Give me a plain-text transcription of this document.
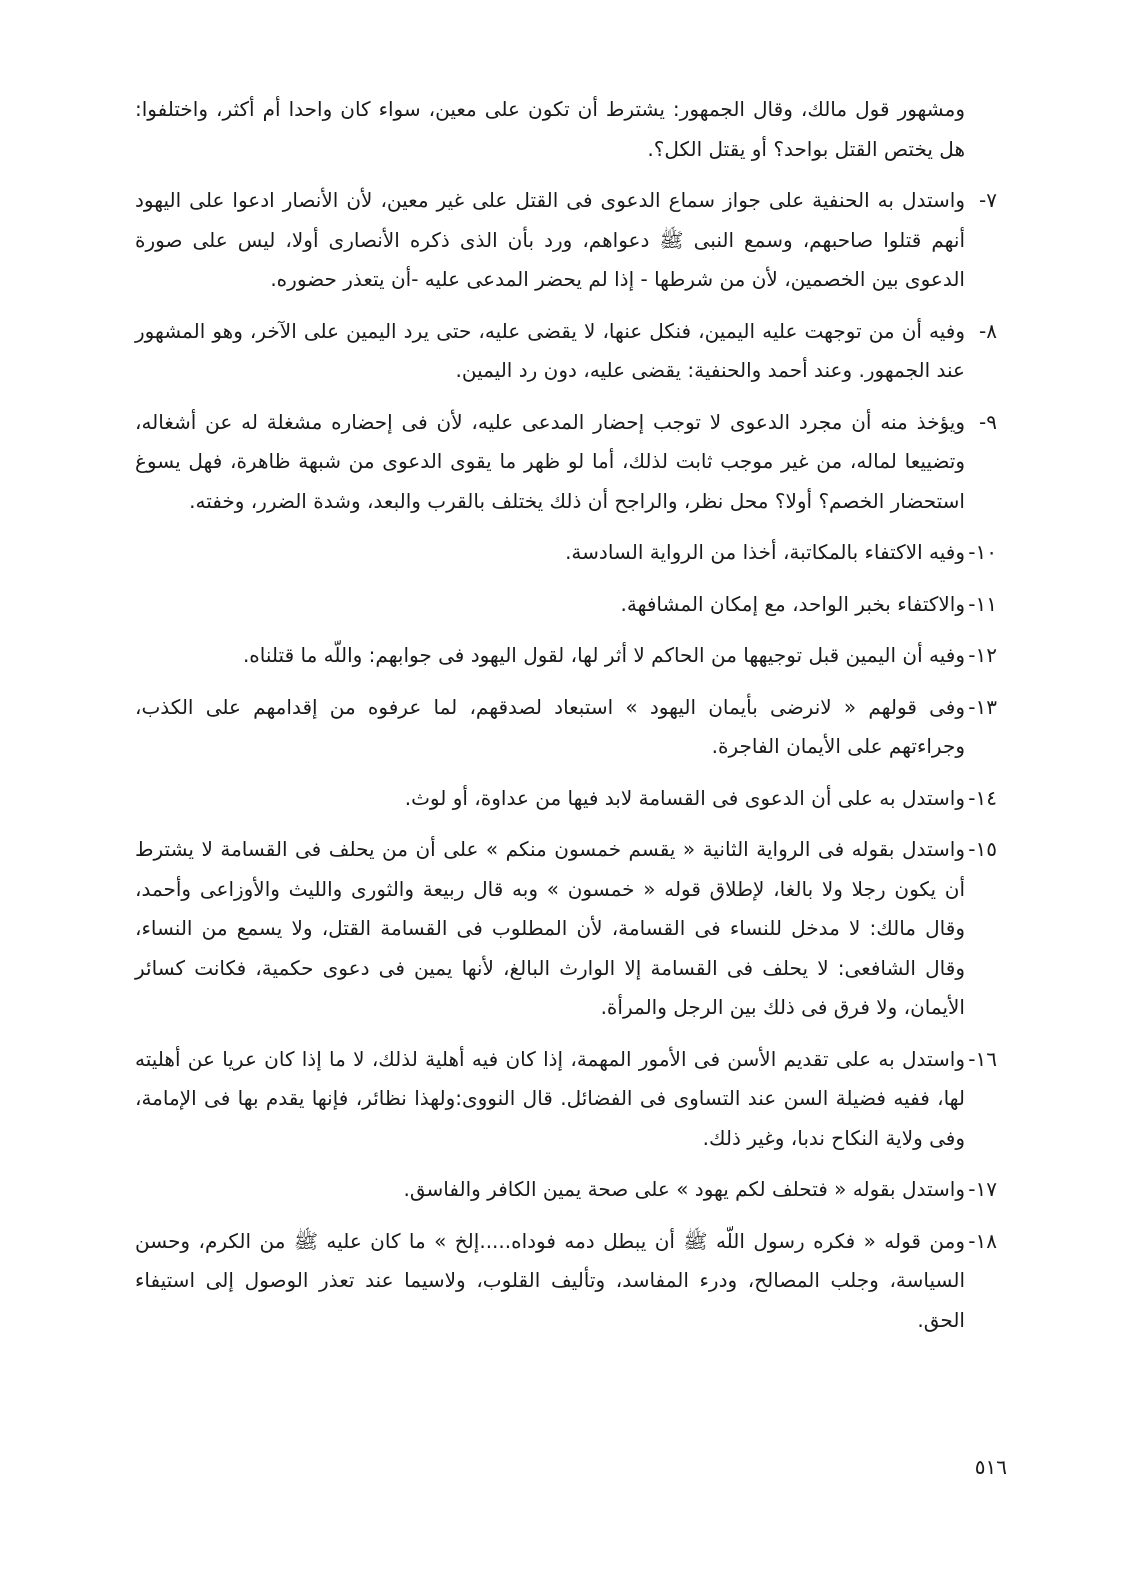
ومشهور قول مالك، وقال الجمهور: يشترط أن تكون على معين، سواء كان واحدا أم أكثر، واختلفوا: هل يختص القتل بواحد؟ أو يقتل الكل؟.

٧-

واستدل به الحنفية على جواز سماع الدعوى فى القتل على غير معين، لأن الأنصار ادعوا على اليهود أنهم قتلوا صاحبهم، وسمع النبى ﷺ دعواهم، ورد بأن الذى ذكره الأنصارى أولا، ليس على صورة الدعوى بين الخصمين، لأن من شرطها - إذا لم يحضر المدعى عليه -أن يتعذر حضوره.

٨-

وفيه أن من توجهت عليه اليمين، فنكل عنها، لا يقضى عليه، حتى يرد اليمين على الآخر، وهو المشهور عند الجمهور. وعند أحمد والحنفية: يقضى عليه، دون رد اليمين.

٩-

ويؤخذ منه أن مجرد الدعوى لا توجب إحضار المدعى عليه، لأن فى إحضاره مشغلة له عن أشغاله، وتضييعا لماله، من غير موجب ثابت لذلك، أما لو ظهر ما يقوى الدعوى من شبهة ظاهرة، فهل يسوغ استحضار الخصم؟ أولا؟ محل نظر، والراجح أن ذلك يختلف بالقرب والبعد، وشدة الضرر، وخفته.

١٠-

وفيه الاكتفاء بالمكاتبة، أخذا من الرواية السادسة.

١١-

والاكتفاء بخبر الواحد، مع إمكان المشافهة.

١٢-

وفيه أن اليمين قبل توجيهها من الحاكم لا أثر لها، لقول اليهود فى جوابهم: واللّه ما قتلناه.

١٣-

وفى قولهم « لانرضى بأيمان اليهود » استبعاد لصدقهم، لما عرفوه من إقدامهم على الكذب، وجراءتهم على الأيمان الفاجرة.

١٤-

واستدل به على أن الدعوى فى القسامة لابد فيها من عداوة، أو لوث.

١٥-

واستدل بقوله فى الرواية الثانية « يقسم خمسون منكم » على أن من يحلف فى القسامة لا يشترط أن يكون رجلا ولا بالغا، لإطلاق قوله « خمسون » وبه قال ربيعة والثورى والليث والأوزاعى وأحمد، وقال مالك: لا مدخل للنساء فى القسامة، لأن المطلوب فى القسامة القتل، ولا يسمع من النساء، وقال الشافعى: لا يحلف فى القسامة إلا الوارث البالغ، لأنها يمين فى دعوى حكمية، فكانت كسائر الأيمان، ولا فرق فى ذلك بين الرجل والمرأة.

١٦-

واستدل به على تقديم الأسن فى الأمور المهمة، إذا كان فيه أهلية لذلك، لا ما إذا كان عريا عن أهليته لها، ففيه فضيلة السن عند التساوى فى الفضائل. قال النووى:ولهذا نظائر، فإنها يقدم بها فى الإمامة، وفى ولاية النكاح ندبا، وغير ذلك.

١٧-

واستدل بقوله « فتحلف لكم يهود » على صحة يمين الكافر والفاسق.

١٨-

ومن قوله « فكره رسول اللّه ﷺ أن يبطل دمه فوداه.....إلخ » ما كان عليه ﷺ من الكرم، وحسن السياسة، وجلب المصالح، ودرء المفاسد، وتأليف القلوب، ولاسيما عند تعذر الوصول إلى استيفاء الحق.

٥١٦
